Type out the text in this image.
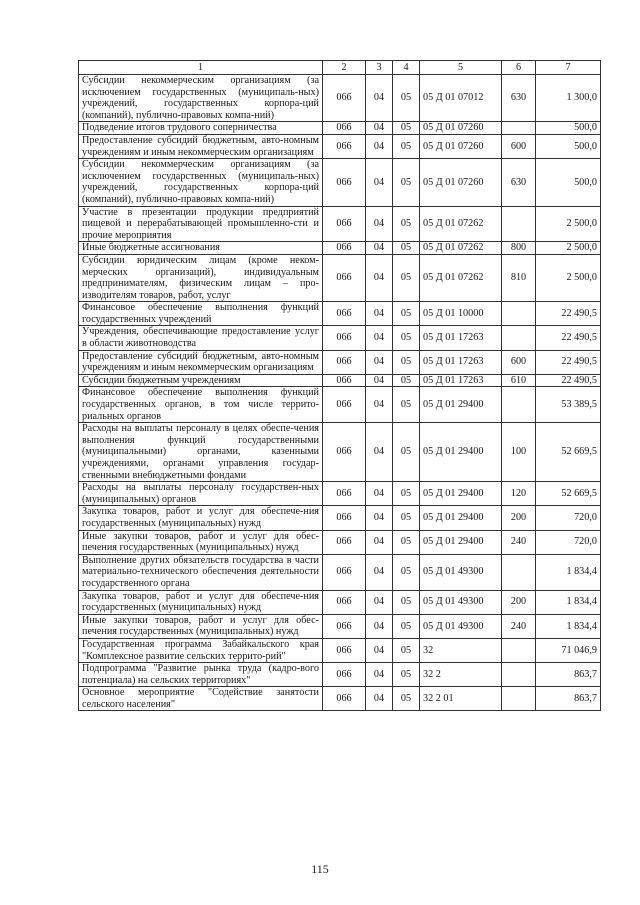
1	2	3	4	5	6	7
Субсидии некоммерческим организациям (за исключением государственных (муниципаль-ных) учреждений, государственных корпора-ций (компаний), публично-правовых компа-ний)	066	04	05	05 Д 01 07012	630	1 300,0
Подведение итогов трудового соперничества	066	04	05	05 Д 01 07260		500,0
Предоставление субсидий бюджетным, авто-номным учреждениям и иным некоммерческим организациям	066	04	05	05 Д 01 07260	600	500,0
Субсидии некоммерческим организациям (за исключением государственных (муниципаль-ных) учреждений, государственных корпора-ций (компаний), публично-правовых компа-ний)	066	04	05	05 Д 01 07260	630	500,0
Участие в презентации продукции предприятий пищевой и перерабатывающей промышленно-сти и прочие мероприятия	066	04	05	05 Д 01 07262		2 500,0
Иные бюджетные ассигнования	066	04	05	05 Д 01 07262	800	2 500,0
Субсидии юридическим лицам (кроме неком-мерческих организаций), индивидуальным предпринимателям, физическим лицам – про-изводителям товаров, работ, услуг	066	04	05	05 Д 01 07262	810	2 500,0
Финансовое обеспечение выполнения функций государственных учреждений	066	04	05	05 Д 01 10000		22 490,5
Учреждения, обеспечивающие предоставление услуг в области животноводства	066	04	05	05 Д 01 17263		22 490,5
Предоставление субсидий бюджетным, авто-номным учреждениям и иным некоммерческим организациям	066	04	05	05 Д 01 17263	600	22 490,5
Субсидии бюджетным учреждениям	066	04	05	05 Д 01 17263	610	22 490,5
Финансовое обеспечение выполнения функций государственных органов, в том числе террито-риальных органов	066	04	05	05 Д 01 29400		53 389,5
Расходы на выплаты персоналу в целях обеспе-чения выполнения функций государственными (муниципальными) органами, казенными учреждениями, органами управления государ-ственными внебюджетными фондами	066	04	05	05 Д 01 29400	100	52 669,5
Расходы на выплаты персоналу государствен-ных (муниципальных) органов	066	04	05	05 Д 01 29400	120	52 669,5
Закупка товаров, работ и услуг для обеспече-ния государственных (муниципальных) нужд	066	04	05	05 Д 01 29400	200	720,0
Иные закупки товаров, работ и услуг для обес-печения государственных (муниципальных) нужд	066	04	05	05 Д 01 29400	240	720,0
Выполнение других обязательств государства в части материально-технического обеспечения деятельности государственного органа	066	04	05	05 Д 01 49300		1 834,4
Закупка товаров, работ и услуг для обеспече-ния государственных (муниципальных) нужд	066	04	05	05 Д 01 49300	200	1 834,4
Иные закупки товаров, работ и услуг для обес-печения государственных (муниципальных) нужд	066	04	05	05 Д 01 49300	240	1 834,4
Государственная программа Забайкальского края "Комплексное развитие сельских террито-рий"	066	04	05	32		71 046,9
Подпрограмма "Развитие рынка труда (кадро-вого потенциала) на сельских территориях"	066	04	05	32 2		863,7
Основное мероприятие "Содействие занятости сельского населения"	066	04	05	32 2 01		863,7
115
